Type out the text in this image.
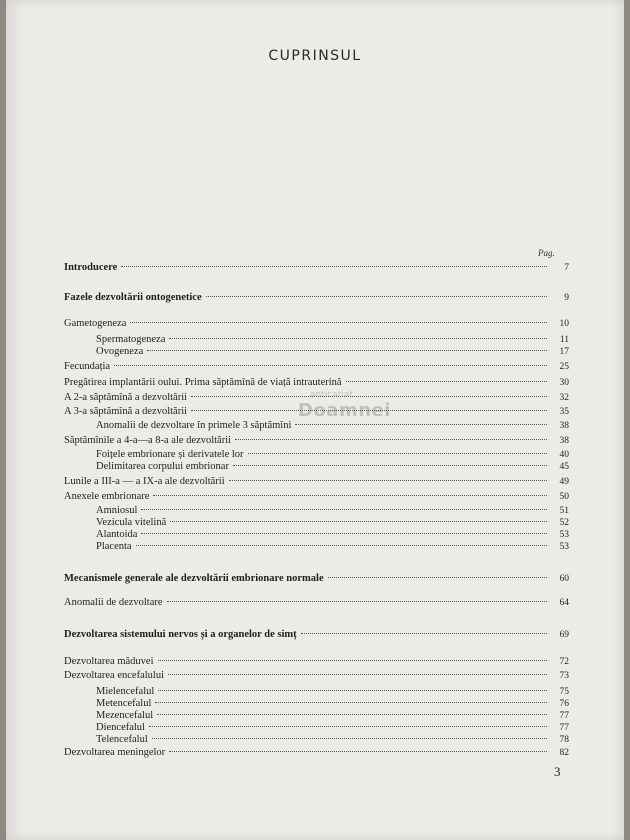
CUPRINSUL
Pag.
Introducere	7
Fazele dezvoltării ontogenetice	9
Gametogeneza	10
Spermatogeneza	11
Ovogeneza	17
Fecundația	25
Pregătirea implantării oului. Prima săptămînă de viață intrauterină	30
A 2-a săptămînă a dezvoltării	32
A 3-a săptămînă a dezvoltării	35
Anomalii de dezvoltare în primele 3 săptămîni	38
Săptămînile a 4-a—a 8-a ale dezvoltării	38
Foițele embrionare și derivatele lor	40
Delimitarea corpului embrionar	45
Lunile a III-a — a IX-a ale dezvoltării	49
Anexele embrionare	50
Amniosul	51
Vezicula vitelină	52
Alantoida	53
Placenta	53
Mecanismele generale ale dezvoltării embrionare normale	60
Anomalii de dezvoltare	64
Dezvoltarea sistemului nervos și a organelor de simț	69
Dezvoltarea măduvei	72
Dezvoltarea encefalului	73
Mielencefalul	75
Metencefalul	76
Mezencefalul	77
Diencefalul	77
Telencefalul	78
Dezvoltarea meningelor	82
anticariat
Doamnei
3
